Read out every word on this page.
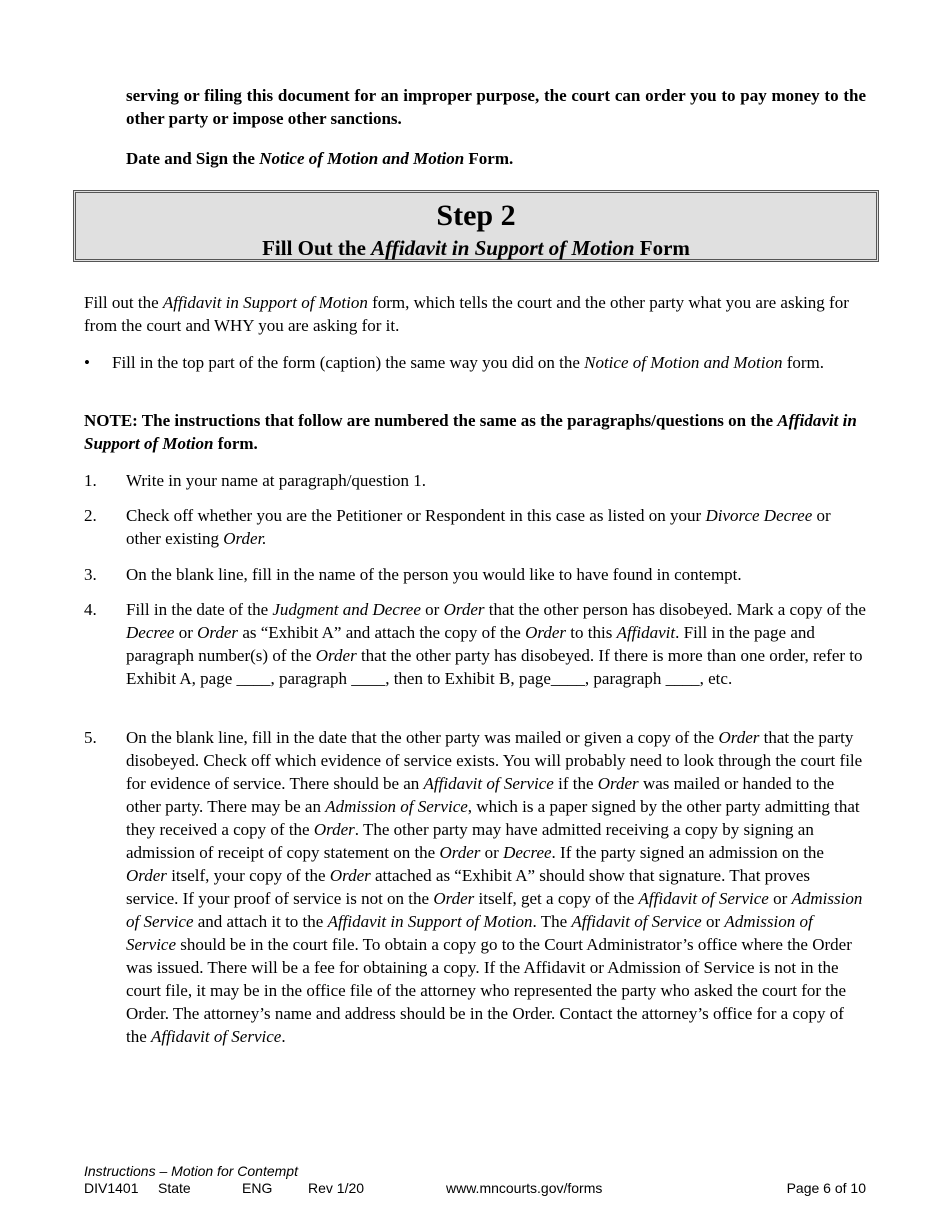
serving or filing this document for an improper purpose, the court can order you to pay money to the other party or impose other sanctions.
Date and Sign the Notice of Motion and Motion Form.
Step 2
Fill Out the Affidavit in Support of Motion Form
Fill out the Affidavit in Support of Motion form, which tells the court and the other party what you are asking for from the court and WHY you are asking for it.
• Fill in the top part of the form (caption) the same way you did on the Notice of Motion and Motion form.
NOTE: The instructions that follow are numbered the same as the paragraphs/questions on the Affidavit in Support of Motion form.
1.	Write in your name at paragraph/question 1.
2.	Check off whether you are the Petitioner or Respondent in this case as listed on your Divorce Decree or other existing Order.
3.	On the blank line, fill in the name of the person you would like to have found in contempt.
4.	Fill in the date of the Judgment and Decree or Order that the other person has disobeyed. Mark a copy of the Decree or Order as “Exhibit A” and attach the copy of the Order to this Affidavit. Fill in the page and paragraph number(s) of the Order that the other party has disobeyed. If there is more than one order, refer to Exhibit A, page ____, paragraph ____, then to Exhibit B, page____, paragraph ____, etc.
5.	On the blank line, fill in the date that the other party was mailed or given a copy of the Order that the party disobeyed. Check off which evidence of service exists. You will probably need to look through the court file for evidence of service. There should be an Affidavit of Service if the Order was mailed or handed to the other party. There may be an Admission of Service, which is a paper signed by the other party admitting that they received a copy of the Order. The other party may have admitted receiving a copy by signing an admission of receipt of copy statement on the Order or Decree. If the party signed an admission on the Order itself, your copy of the Order attached as “Exhibit A” should show that signature. That proves service. If your proof of service is not on the Order itself, get a copy of the Affidavit of Service or Admission of Service and attach it to the Affidavit in Support of Motion. The Affidavit of Service or Admission of Service should be in the court file. To obtain a copy go to the Court Administrator’s office where the Order was issued. There will be a fee for obtaining a copy. If the Affidavit or Admission of Service is not in the court file, it may be in the office file of the attorney who represented the party who asked the court for the Order. The attorney’s name and address should be in the Order. Contact the attorney’s office for a copy of the Affidavit of Service.
Instructions – Motion for Contempt
DIV1401 State	ENG	Rev 1/20	www.mncourts.gov/forms	Page 6 of 10
